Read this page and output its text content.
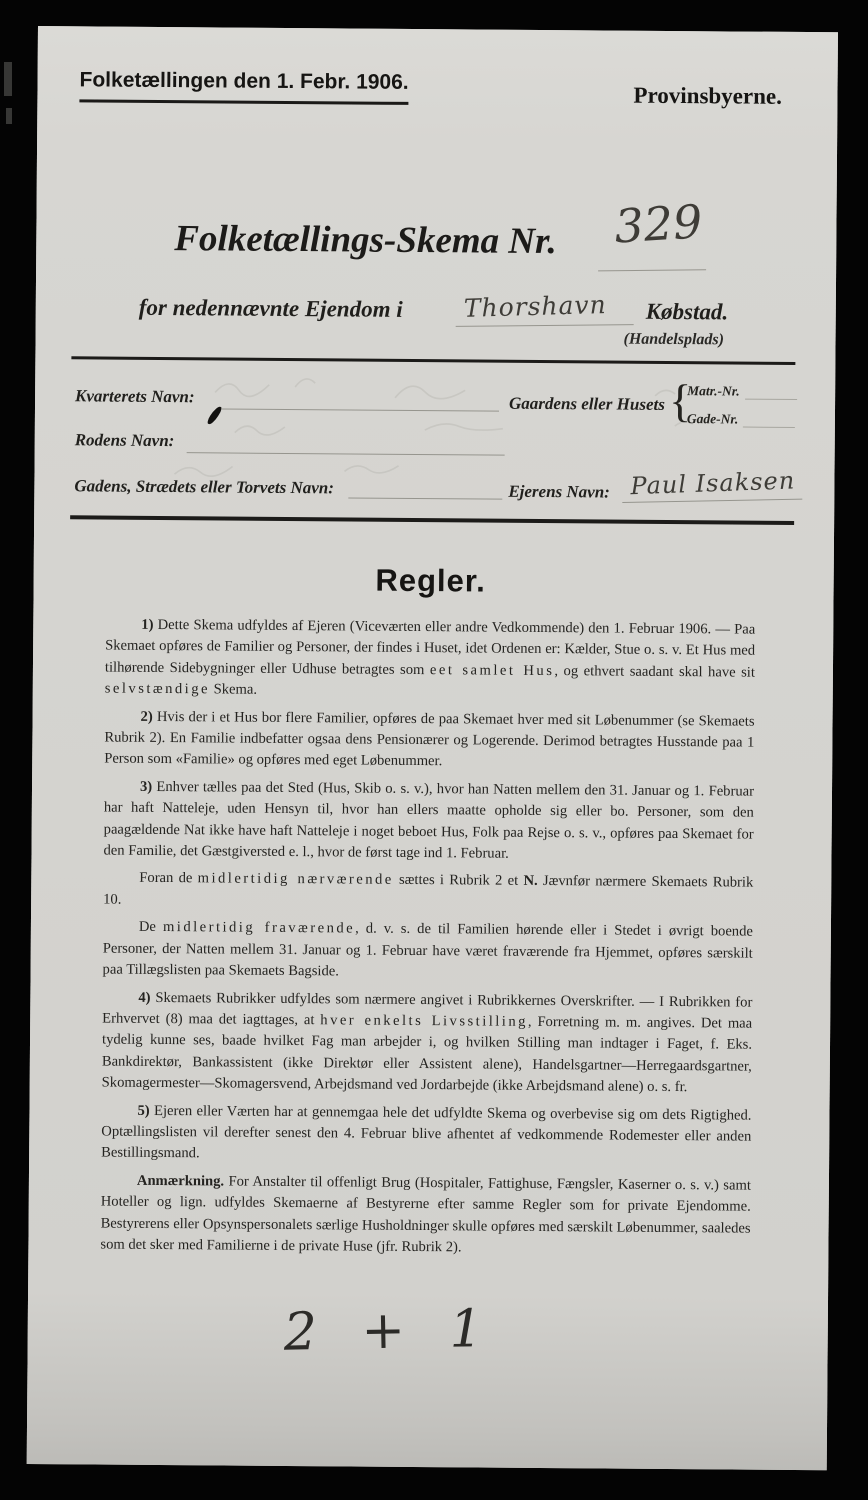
Folketællingen den 1. Febr. 1906.
Provinsbyerne.
Folketællings-Skema Nr. 329
for nedennævnte Ejendom i Thorshavn Købstad.
(Handelsplads)
Kvarterets Navn:	Gaardens eller Husets {
Matr.-Nr.
Gade-Nr.
Rodens Navn:
Gadens, Strædets eller Torvets Navn:	Ejerens Navn: Paul Isaksen
Regler.

1) Dette Skema udfyldes af Ejeren (Viceværten eller andre Vedkommende) den 1. Februar 1906. — Paa Skemaet opføres de Familier og Personer, der findes i Huset, idet Ordenen er: Kælder, Stue o. s. v. Et Hus med tilhørende Sidebygninger eller Udhuse betragtes som eet samlet Hus, og ethvert saadant skal have sit selvstændige Skema.

2) Hvis der i et Hus bor flere Familier, opføres de paa Skemaet hver med sit Løbenummer (se Skemaets Rubrik 2). En Familie indbefatter ogsaa dens Pensionærer og Logerende. Derimod betragtes Husstande paa 1 Person som «Familie» og opføres med eget Løbenummer.

3) Enhver tælles paa det Sted (Hus, Skib o. s. v.), hvor han Natten mellem den 31. Januar og 1. Februar har haft Natteleje, uden Hensyn til, hvor han ellers maatte opholde sig eller bo. Personer, som den paagældende Nat ikke have haft Natteleje i noget beboet Hus, Folk paa Rejse o. s. v., opføres paa Skemaet for den Familie, det Gæstgiversted e. l., hvor de først tage ind 1. Februar.

Foran de midlertidig nærværende sættes i Rubrik 2 et N. Jævnfør nærmere Skemaets Rubrik 10.

De midlertidig fraværende, d. v. s. de til Familien hørende eller i Stedet i øvrigt boende Personer, der Natten mellem 31. Januar og 1. Februar have været fraværende fra Hjemmet, opføres særskilt paa Tillægslisten paa Skemaets Bagside.

4) Skemaets Rubrikker udfyldes som nærmere angivet i Rubrikkernes Overskrifter. — I Rubrikken for Erhvervet (8) maa det iagttages, at hver enkelts Livsstilling, Forretning m. m. angives. Det maa tydelig kunne ses, baade hvilket Fag man arbejder i, og hvilken Stilling man indtager i Faget, f. Eks. Bankdirektør, Bankassistent (ikke Direktør eller Assistent alene), Handelsgartner—Herregaardsgartner, Skomagermester—Skomagersvend, Arbejdsmand ved Jordarbejde (ikke Arbejdsmand alene) o. s. fr.

5) Ejeren eller Værten har at gennemgaa hele det udfyldte Skema og overbevise sig om dets Rigtighed. Optællingslisten vil derefter senest den 4. Februar blive afhentet af vedkommende Rodemester eller anden Bestillingsmand.

Anmærkning. For Anstalter til offenligt Brug (Hospitaler, Fattighuse, Fængsler, Kaserner o. s. v.) samt Hoteller og lign. udfyldes Skemaerne af Bestyrerne efter samme Regler som for private Ejendomme. Bestyrerens eller Opsynspersonalets særlige Husholdninger skulle opføres med særskilt Løbenummer, saaledes som det sker med Familierne i de private Huse (jfr. Rubrik 2).

2 + 1
